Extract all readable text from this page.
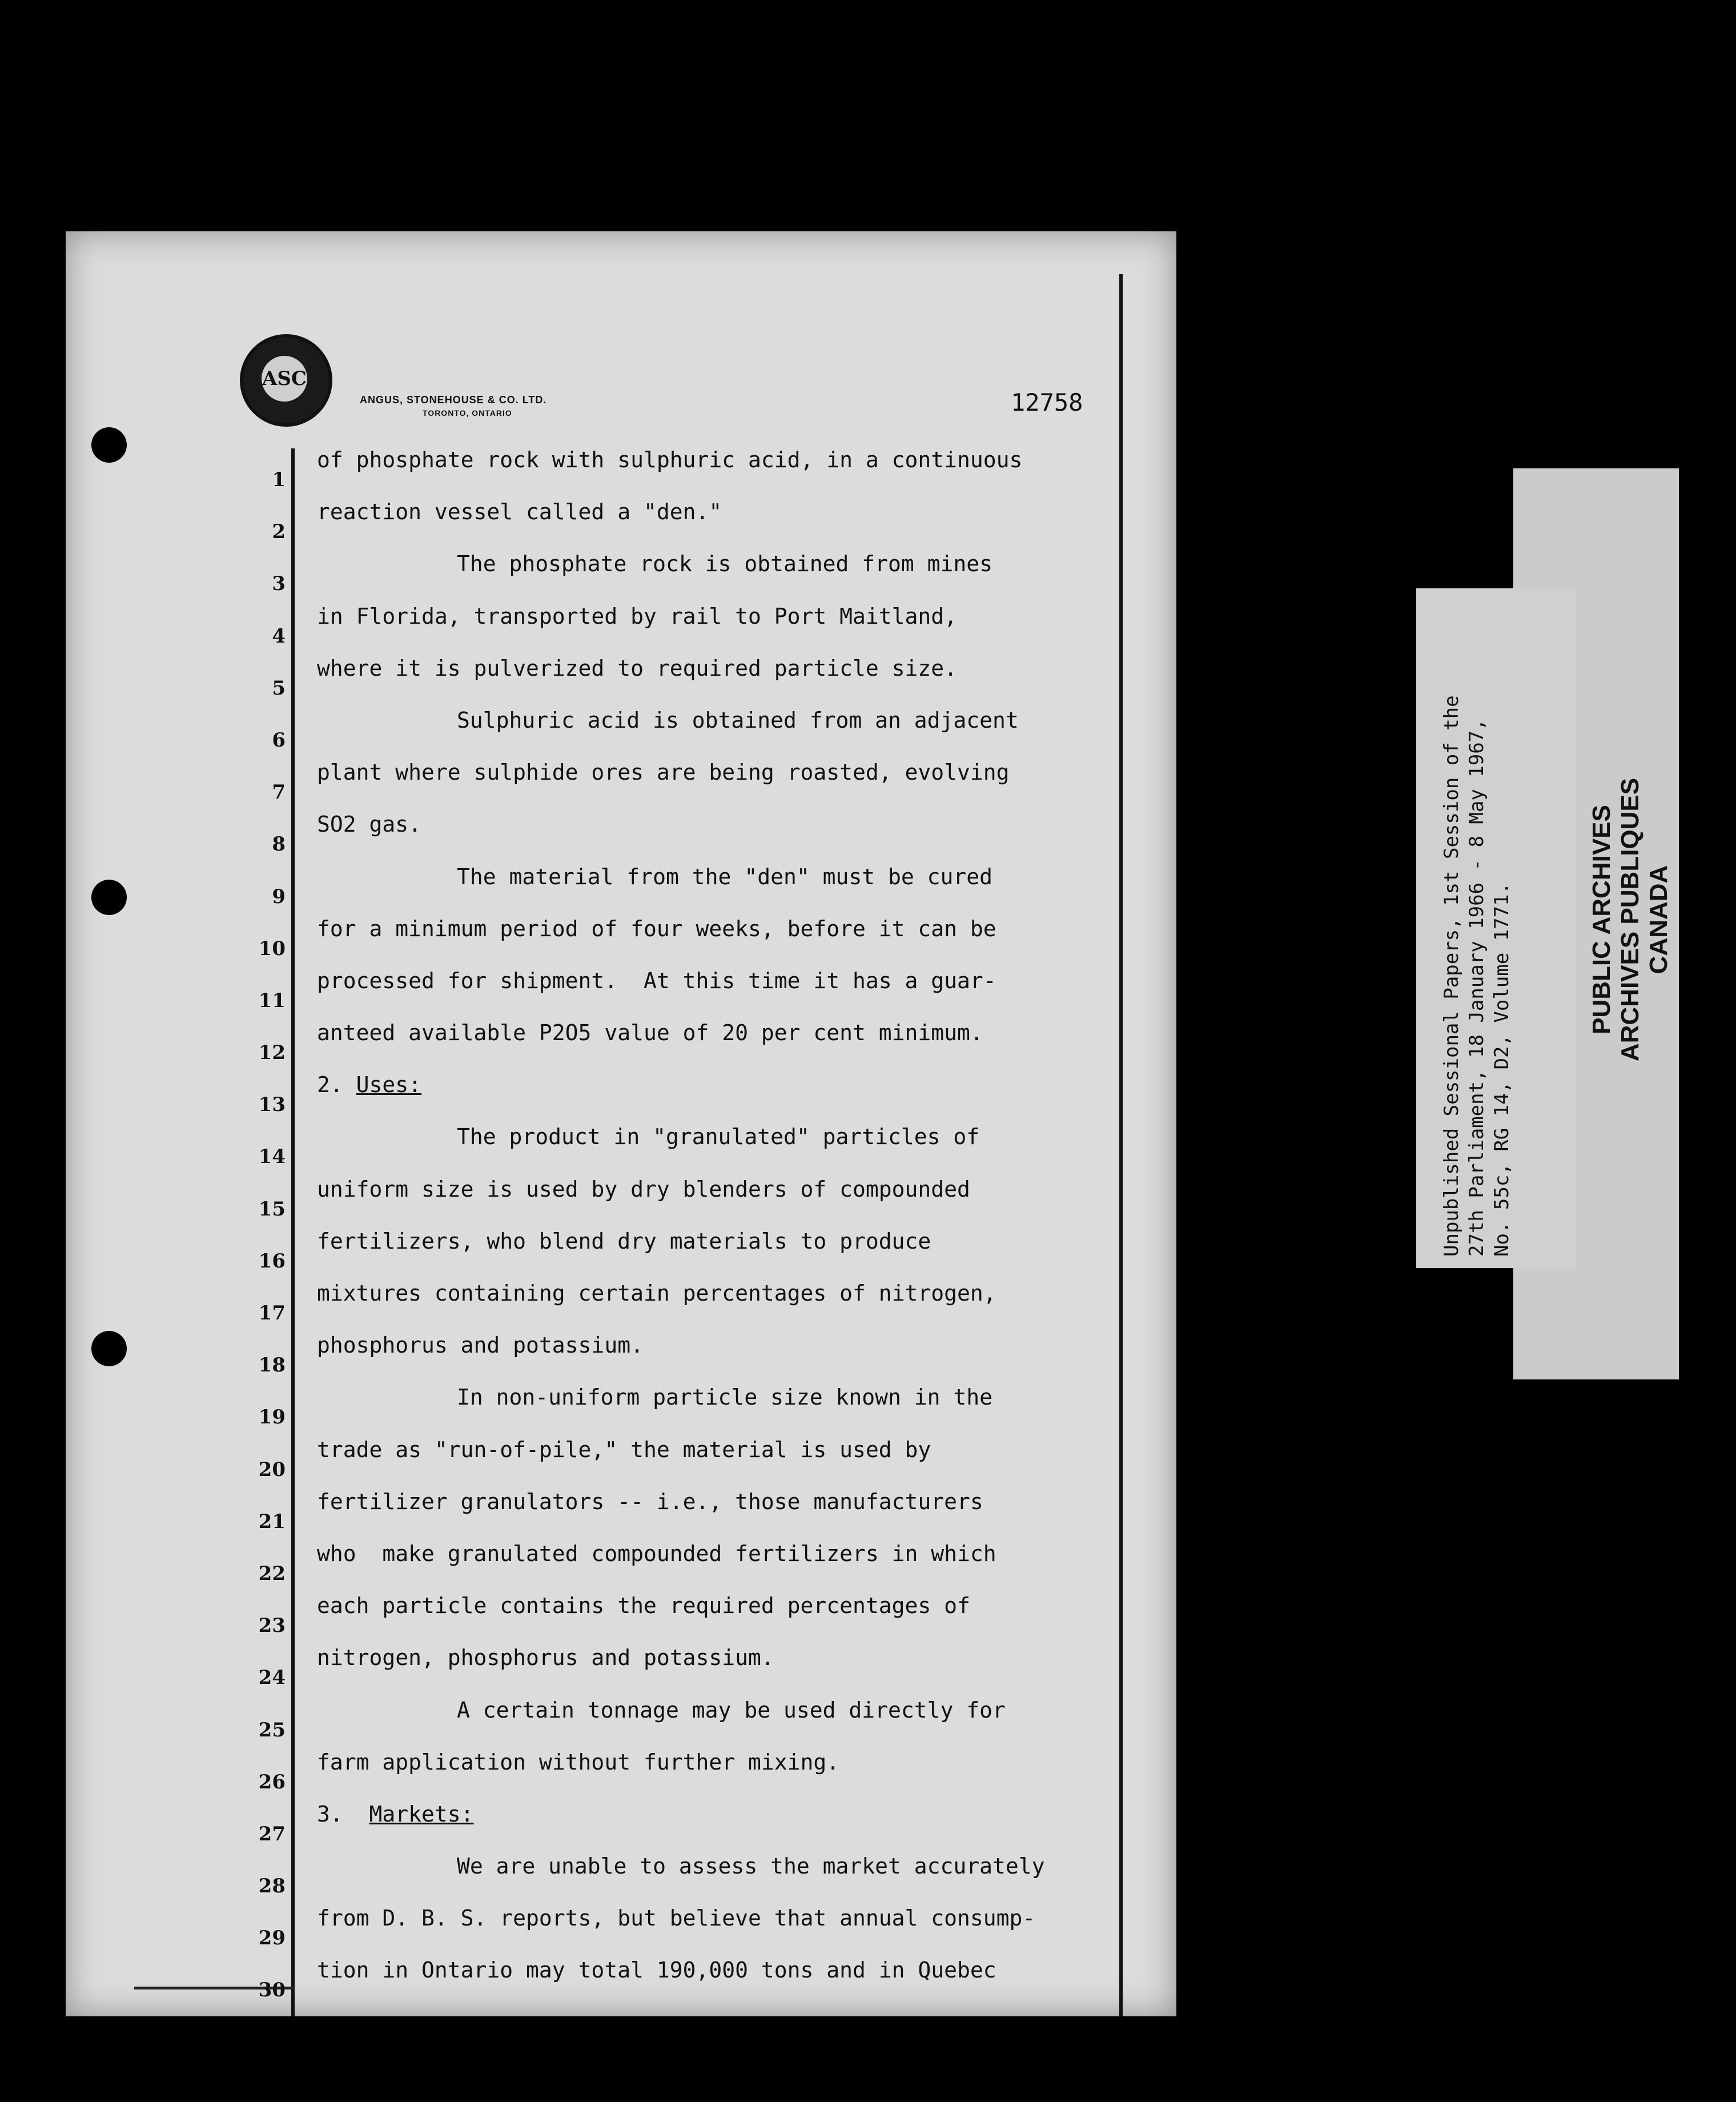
ASC
ANGUS, STONEHOUSE & CO. LTD.
TORONTO, ONTARIO	12758
1
2
3
4
5
6
7
8
9
10
11
12
13
14
15
16
17
18
19
20
21
22
23
24
25
26
27
28
29
30
of phosphate rock with sulphuric acid, in a continuous
reaction vessel called a "den."
The phosphate rock is obtained from mines
in Florida, transported by rail to Port Maitland,
where it is pulverized to required particle size.
Sulphuric acid is obtained from an adjacent
plant where sulphide ores are being roasted, evolving
SO2 gas.
The material from the "den" must be cured
for a minimum period of four weeks, before it can be
processed for shipment.  At this time it has a guar-
anteed available P2O5 value of 20 per cent minimum.
2. Uses:
The product in "granulated" particles of
uniform size is used by dry blenders of compounded
fertilizers, who blend dry materials to produce
mixtures containing certain percentages of nitrogen,
phosphorus and potassium.
In non-uniform particle size known in the
trade as "run-of-pile," the material is used by
fertilizer granulators -- i.e., those manufacturers
who  make granulated compounded fertilizers in which
each particle contains the required percentages of
nitrogen, phosphorus and potassium.
A certain tonnage may be used directly for
farm application without further mixing.
3. Markets:
We are unable to assess the market accurately
from D. B. S. reports, but believe that annual consump-
tion in Ontario may total 190,000 tons and in Quebec
Unpublished Sessional Papers, 1st Session of the 27th Parliament, 18 January 1966 - 8 May 1967, No. 55c, RG 14, D2, Volume 1771.	PUBLIC ARCHIVES ARCHIVES PUBLIQUES CANADA
